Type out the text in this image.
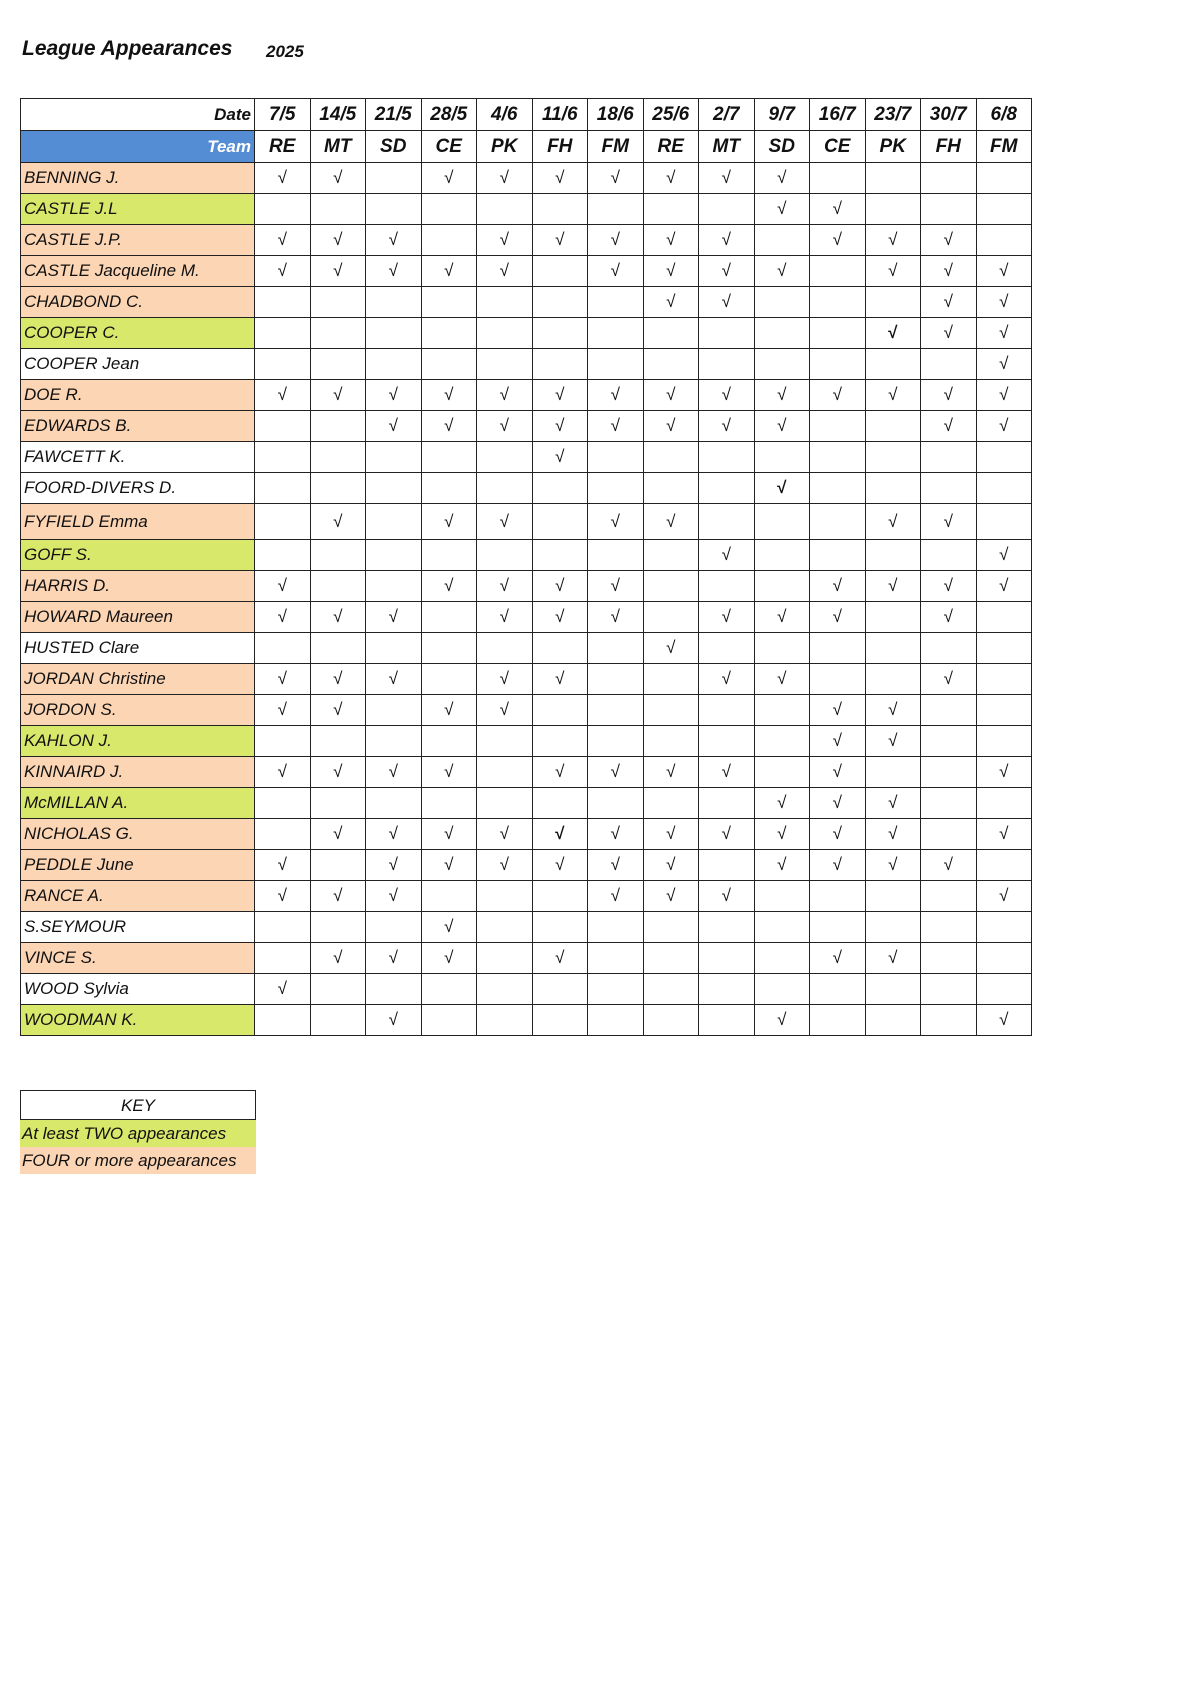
League Appearances 2025
Date	7/5	14/5	21/5	28/5	4/6	11/6	18/6	25/6	2/7	9/7	16/7	23/7	30/7	6/8
Team	RE	MT	SD	CE	PK	FH	FM	RE	MT	SD	CE	PK	FH	FM
BENNING J.	√	√		√	√	√	√	√	√	√				
CASTLE J.L										√	√			
CASTLE J.P.	√	√	√		√	√	√	√	√		√	√	√	
CASTLE Jacqueline M.	√	√	√	√	√		√	√	√	√		√	√	√
CHADBOND C.								√	√				√	√
COOPER C.												√	√	√
COOPER Jean														√
DOE R.	√	√	√	√	√	√	√	√	√	√	√	√	√	√
EDWARDS B.			√	√	√	√	√	√	√	√			√	√
FAWCETT K.						√								
FOORD-DIVERS D.										√				
FYFIELD Emma		√		√	√		√	√				√	√	
GOFF S.									√					√
HARRIS D.	√			√	√	√	√				√	√	√	√
HOWARD Maureen	√	√	√		√	√	√		√	√	√		√	
HUSTED Clare								√						
JORDAN Christine	√	√	√		√	√			√	√			√	
JORDON S.	√	√		√	√						√	√		
KAHLON J.											√	√		
KINNAIRD J.	√	√	√	√		√	√	√	√		√			√
McMILLAN A.										√	√	√		
NICHOLAS G.		√	√	√	√	√	√	√	√	√	√	√		√
PEDDLE June	√		√	√	√	√	√	√		√	√	√	√	
RANCE A.	√	√	√				√	√	√					√
S.SEYMOUR				√										
VINCE S.		√	√	√		√					√	√		
WOOD Sylvia	√													
WOODMAN K.			√							√				√
KEY
At least TWO appearances
FOUR or more appearances
